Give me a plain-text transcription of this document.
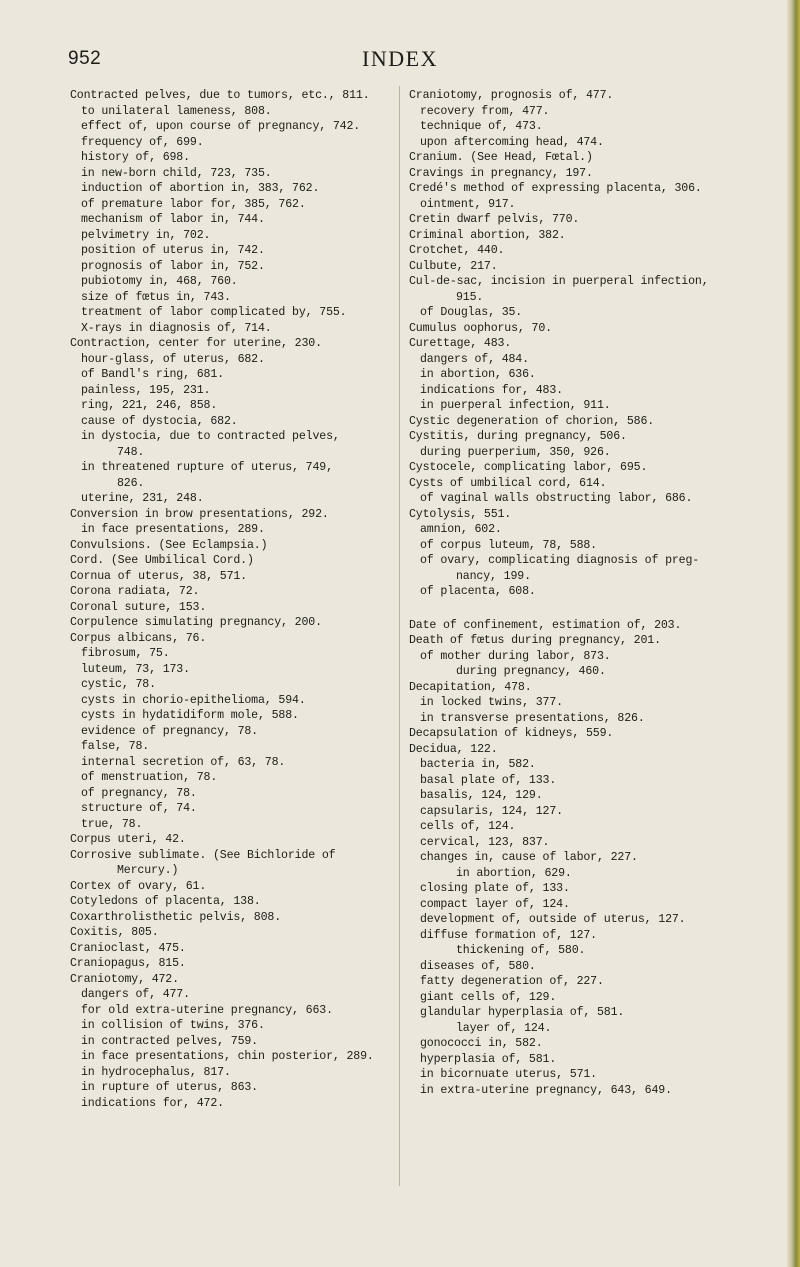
952	INDEX
Contracted pelves, due to tumors, etc., 811.
to unilateral lameness, 808.
effect of, upon course of pregnancy, 742.
frequency of, 699.
history of, 698.
in new-born child, 723, 735.
induction of abortion in, 383, 762.
of premature labor for, 385, 762.
mechanism of labor in, 744.
pelvimetry in, 702.
position of uterus in, 742.
prognosis of labor in, 752.
pubiotomy in, 468, 760.
size of fœtus in, 743.
treatment of labor complicated by, 755.
X-rays in diagnosis of, 714.
Contraction, center for uterine, 230.
hour-glass, of uterus, 682.
of Bandl's ring, 681.
painless, 195, 231.
ring, 221, 246, 858.
cause of dystocia, 682.
in dystocia, due to contracted pelves,
748.
in threatened rupture of uterus, 749,
826.
uterine, 231, 248.
Conversion in brow presentations, 292.
in face presentations, 289.
Convulsions. (See Eclampsia.)
Cord. (See Umbilical Cord.)
Cornua of uterus, 38, 571.
Corona radiata, 72.
Coronal suture, 153.
Corpulence simulating pregnancy, 200.
Corpus albicans, 76.
fibrosum, 75.
luteum, 73, 173.
cystic, 78.
cysts in chorio-epithelioma, 594.
cysts in hydatidiform mole, 588.
evidence of pregnancy, 78.
false, 78.
internal secretion of, 63, 78.
of menstruation, 78.
of pregnancy, 78.
structure of, 74.
true, 78.
Corpus uteri, 42.
Corrosive sublimate. (See Bichloride of
Mercury.)
Cortex of ovary, 61.
Cotyledons of placenta, 138.
Coxarthrolisthetic pelvis, 808.
Coxitis, 805.
Cranioclast, 475.
Craniopagus, 815.
Craniotomy, 472.
dangers of, 477.
for old extra-uterine pregnancy, 663.
in collision of twins, 376.
in contracted pelves, 759.
in face presentations, chin posterior, 289.
in hydrocephalus, 817.
in rupture of uterus, 863.
indications for, 472.
Craniotomy, prognosis of, 477.
recovery from, 477.
technique of, 473.
upon aftercoming head, 474.
Cranium. (See Head, Fœtal.)
Cravings in pregnancy, 197.
Credé's method of expressing placenta, 306.
ointment, 917.
Cretin dwarf pelvis, 770.
Criminal abortion, 382.
Crotchet, 440.
Culbute, 217.
Cul-de-sac, incision in puerperal infection,
915.
of Douglas, 35.
Cumulus oophorus, 70.
Curettage, 483.
dangers of, 484.
in abortion, 636.
indications for, 483.
in puerperal infection, 911.
Cystic degeneration of chorion, 586.
Cystitis, during pregnancy, 506.
during puerperium, 350, 926.
Cystocele, complicating labor, 695.
Cysts of umbilical cord, 614.
of vaginal walls obstructing labor, 686.
Cytolysis, 551.
amnion, 602.
of corpus luteum, 78, 588.
of ovary, complicating diagnosis of preg-
nancy, 199.
of placenta, 608.
Date of confinement, estimation of, 203.
Death of fœtus during pregnancy, 201.
of mother during labor, 873.
during pregnancy, 460.
Decapitation, 478.
in locked twins, 377.
in transverse presentations, 826.
Decapsulation of kidneys, 559.
Decidua, 122.
bacteria in, 582.
basal plate of, 133.
basalis, 124, 129.
capsularis, 124, 127.
cells of, 124.
cervical, 123, 837.
changes in, cause of labor, 227.
in abortion, 629.
closing plate of, 133.
compact layer of, 124.
development of, outside of uterus, 127.
diffuse formation of, 127.
thickening of, 580.
diseases of, 580.
fatty degeneration of, 227.
giant cells of, 129.
glandular hyperplasia of, 581.
layer of, 124.
gonococci in, 582.
hyperplasia of, 581.
in bicornuate uterus, 571.
in extra-uterine pregnancy, 643, 649.
